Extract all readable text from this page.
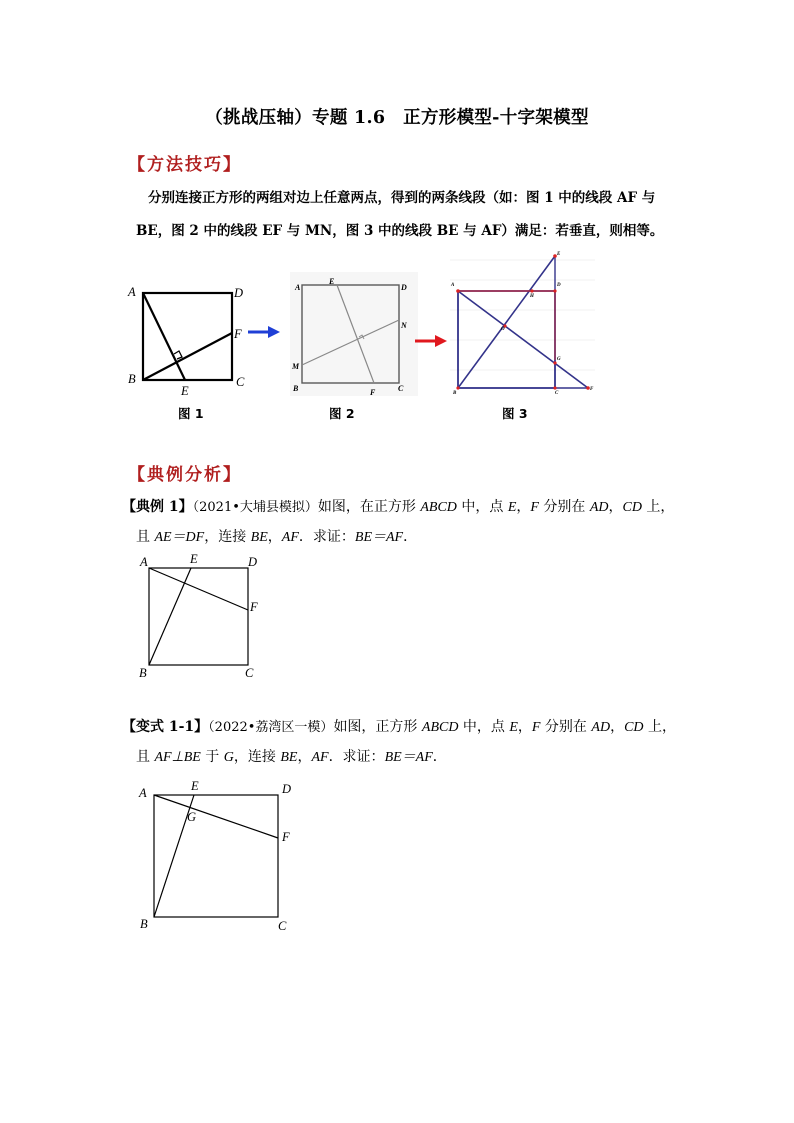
（挑战压轴）专题 1.6　正方形模型-十字架模型
【方法技巧】
分别连接正方形的两组对边上任意两点，得到的两条线段（如：图 1 中的线段 AF 与
BE，图 2 中的线段 EF 与 MN，图 3 中的线段 BE 与 AF）满足：若垂直，则相等。
A	D
F
B
E
C
图 1
A
E
D
N
M
B	F	C
图 2
E
A
H
D
O
G
B	C
F
图 3
【典例分析】
【典例 1】（2021•大埔县模拟）如图，在正方形 ABCD 中，点 E，F 分别在 AD，CD 上，
且 AE＝DF，连接 BE，AF．求证：BE＝AF．
A	E	D
F
B	C
【变式 1-1】（2022•荔湾区一模）如图，正方形 ABCD 中，点 E，F 分别在 AD，CD 上，
且 AF⊥BE 于 G，连接 BE，AF．求证：BE＝AF．
A	E	D
G
F
B	C
